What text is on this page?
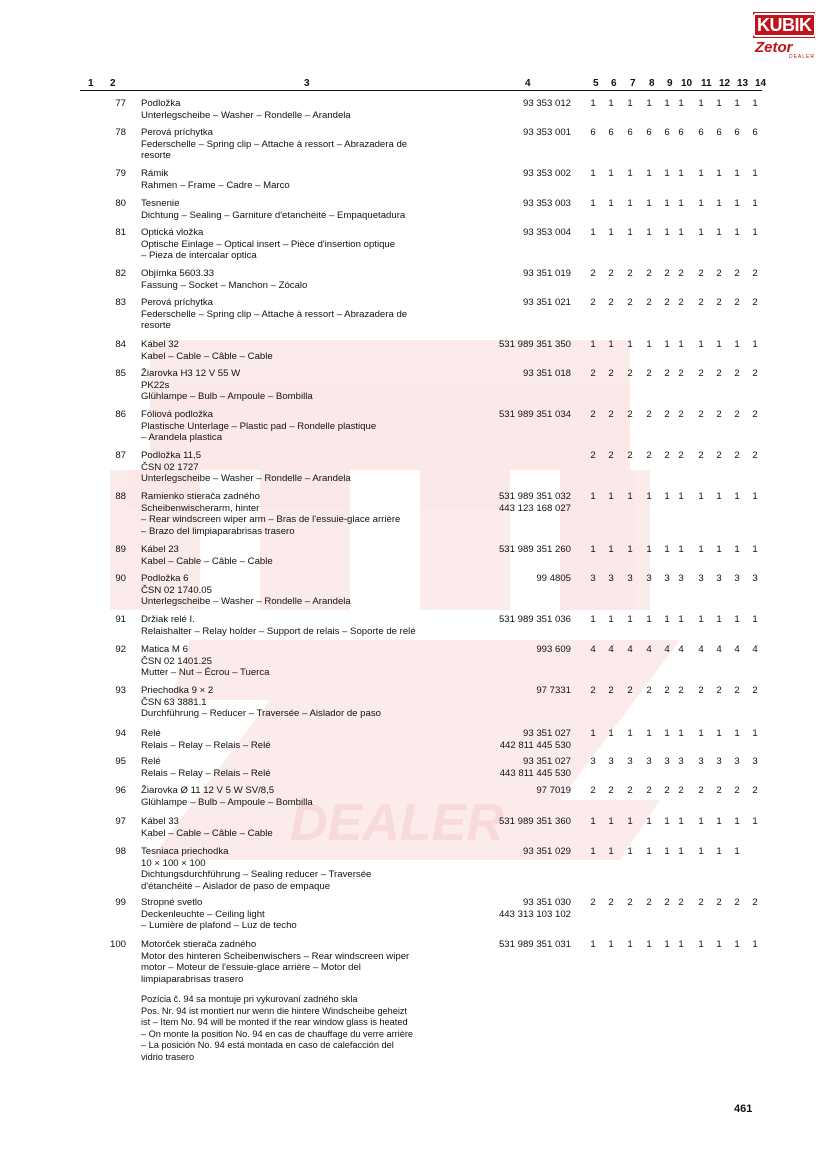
DEALER
KUBIK
Zetor
DEALER
1 2	3	4	5 6 7 8 9 10 11 12 13 14
77 Podložka
Unterlegscheibe – Washer – Rondelle – Arandela
93 353 012	1	1	1	1	1 1	1	1	1	1
78 Perová príchytka
Federschelle – Spring clip – Attache à ressort – Abrazadera de
resorte
93 353 001	6	6	6	6	6 6	6	6	6	6
79 Rámik
Rahmen – Frame – Cadre – Marco
93 353 002	1	1	1	1	1 1	1	1	1	1
80 Tesnenie
Dichtung – Sealing – Garniture d'etanchéité – Empaquetadura
93 353 003	1	1	1	1	1 1	1	1	1	1
81 Optická vložka
Optische Einlage – Optical insert – Pièce d'insertion optique
– Pieza de intercalar optica
93 353 004	1	1	1	1	1 1	1	1	1	1
82 Objímka 5603.33
Fassung – Socket – Manchon – Zócalo
93 351 019	2	2	2	2	2 2	2	2	2	2
83 Perová príchytka
Federschelle – Spring clip – Attache à ressort – Abrazadera de
resorte
93 351 021	2	2	2	2	2 2	2	2	2	2
84 Kábel 32
Kabel – Cable – Câble – Cable
531 989 351 350	1	1	1	1	1 1	1	1	1	1
85 Žiarovka H3 12 V 55 W
PK22s
Glühlampe – Bulb – Ampoule – Bombilla
93 351 018	2	2	2	2	2 2	2	2	2	2
86 Fóliová podložka
Plastische Unterlage – Plastic pad – Rondelle plastique
– Arandela plastica
531 989 351 034	2	2	2	2	2 2	2	2	2	2
87 Podložka 11,5
ČSN 02 1727
Unterlegscheibe – Washer – Rondelle – Arandela
2	2	2	2	2 2	2	2	2	2
88 Ramienko stierača zadného
Scheibenwischerarm, hinter
– Rear windscreen wiper arm – Bras de l'essuie-glace arrière
– Brazo del limpiaparabrisas trasero
531 989 351 032
443 123 168 027
1	1	1	1	1 1	1	1	1	1
89 Kábel 23
Kabel – Cable – Câble – Cable
531 989 351 260	1	1	1	1	1 1	1	1	1	1
90 Podložka 6
ČSN 02 1740.05
Unterlegscheibe – Washer – Rondelle – Arandela
99 4805	3	3	3	3	3 3	3	3	3	3
91 Držiak relé I.
Relaishalter – Relay holder – Support de relais – Soporte de relé
531 989 351 036	1	1	1	1	1 1	1	1	1	1
92 Matica M 6
ČSN 02 1401.25
Mutter – Nut – Écrou – Tuerca
993 609	4	4	4	4	4 4	4	4	4	4
93 Priechodka 9 × 2
ČSN 63 3881.1
Durchführung – Reducer – Traversée – Aislador de paso
97 7331	2	2	2	2	2 2	2	2	2	2
94 Relé
Relais – Relay – Relais – Relé
93 351 027
442 811 445 530
1	1	1	1	1 1	1	1	1	1
95 Relé
Relais – Relay – Relais – Relé
93 351 027
443 811 445 530
3	3	3	3	3 3	3	3	3	3
96 Žiarovka Ø 11 12 V 5 W SV/8,5
Glühlampe – Bulb – Ampoule – Bombilla
97 7019	2	2	2	2	2 2	2	2	2	2
97 Kábel 33
Kabel – Cable – Câble – Cable
531 989 351 360	1	1	1	1	1 1	1	1	1	1
98 Tesniaca priechodka
10 × 100 × 100
Dichtungsdurchführung – Sealing reducer – Traversée
d'étanchéité – Aislador de paso de empaque
93 351 029	1	1	1	1	1 1	1	1	1
99 Stropné svetlo
Deckenleuchte – Ceiling light
– Lumière de plafond – Luz de techo
93 351 030
443 313 103 102
2	2	2	2	2 2	2	2	2	2
100 Motorček stierača zadného
Motor des hinteren Scheibenwischers – Rear windscreen wiper
motor – Moteur de l'essuie-glace arrière – Motor del
limpiaparabrisas trasero
531 989 351 031	1	1	1	1	1 1	1	1	1	1
Pozícia č. 94 sa montuje pri vykurovaní zadného skla
Pos. Nr. 94 ist montiert nur wenn die hintere Windscheibe geheizt
ist – Item No. 94 will be monted if the rear window glass is heated
– On monte la position No. 94 en cas de chauffage du verre arrière
– La posición No. 94 está montada en caso de calefacción del
vidrio trasero
461
